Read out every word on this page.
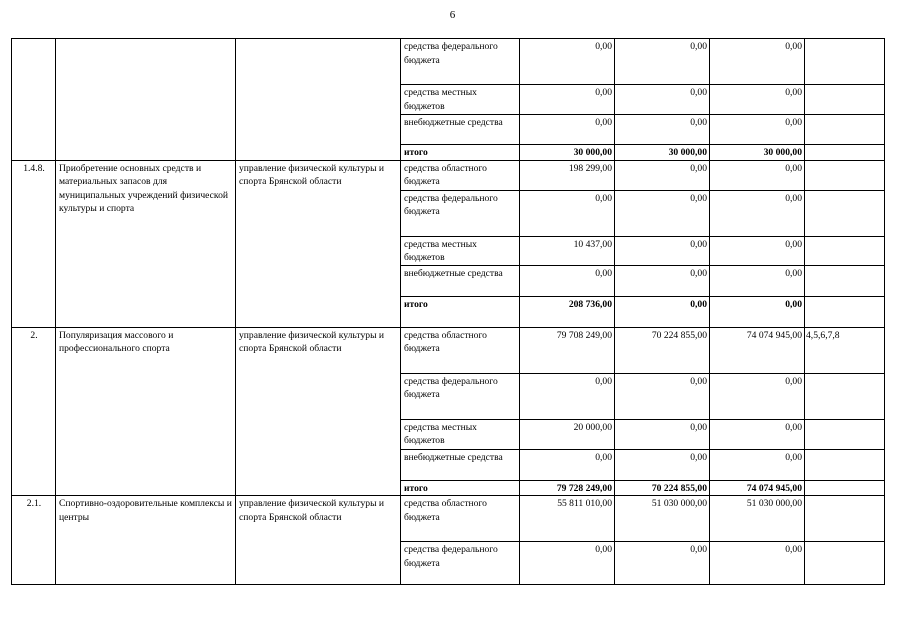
6
			средства федерального бюджета	0,00	0,00	0,00	
			средства местных бюджетов	0,00	0,00	0,00	
			внебюджетные средства	0,00	0,00	0,00	
			итого	30 000,00	30 000,00	30 000,00	
1.4.8.	Приобретение основных средств и материальных запасов для муниципальных учреждений физической культуры и спорта	управление физической культуры и спорта Брянской области	средства областного бюджета	198 299,00	0,00	0,00	
			средства федерального бюджета	0,00	0,00	0,00	
			средства местных бюджетов	10 437,00	0,00	0,00	
			внебюджетные средства	0,00	0,00	0,00	
			итого	208 736,00	0,00	0,00	
2.	Популяризация массового и профессионального спорта	управление физической культуры и спорта Брянской области	средства областного бюджета	79 708 249,00	70 224 855,00	74 074 945,00	4,5,6,7,8
			средства федерального бюджета	0,00	0,00	0,00	
			средства местных бюджетов	20 000,00	0,00	0,00	
			внебюджетные средства	0,00	0,00	0,00	
			итого	79 728 249,00	70 224 855,00	74 074 945,00	
2.1.	Спортивно-оздоровительные комплексы и центры	управление физической культуры и спорта Брянской области	средства областного бюджета	55 811 010,00	51 030 000,00	51 030 000,00	
			средства федерального бюджета	0,00	0,00	0,00	
